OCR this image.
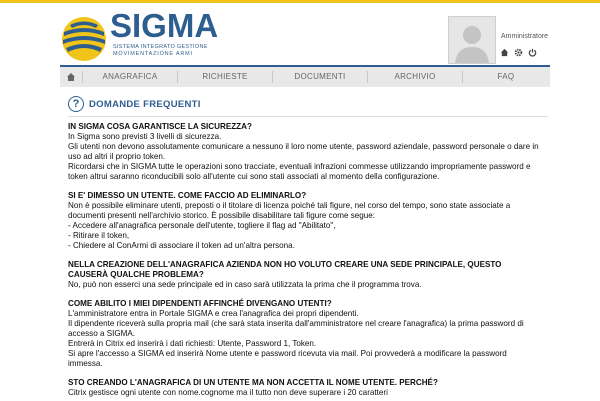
SIGMA
SISTEMA INTEGRATO GESTIONE
MOVIMENTAZIONE ARMI
Amministratore
ANAGRAFICA	RICHIESTE	DOCUMENTI	ARCHIVIO	FAQ
?	DOMANDE FREQUENTI

IN SIGMA COSA GARANTISCE LA SICUREZZA?

In Sigma sono previsti 3 livelli di sicurezza.

Gli utenti non devono assolutamente comunicare a nessuno il loro nome utente, password aziendale, password personale o dare in

uso ad altri il proprio token.

Ricordarsi che in SIGMA tutte le operazioni sono tracciate, eventuali infrazioni commesse utilizzando impropriamente password e

token altrui saranno riconducibili solo all'utente cui sono stati associati al momento della configurazione.

SI E' DIMESSO UN UTENTE. COME FACCIO AD ELIMINARLO?

Non è possibile eliminare utenti, preposti o il titolare di licenza poiché tali figure, nel corso del tempo, sono state associate a

documenti presenti nell'archivio storico. È possibile disabilitare tali figure come segue:

- Accedere all'anagrafica personale dell'utente, togliere il flag ad "Abilitato",

- Ritirare il token,

- Chiedere al ConArmi di associare il token ad un'altra persona.

NELLA CREAZIONE DELL'ANAGRAFICA AZIENDA NON HO VOLUTO CREARE UNA SEDE PRINCIPALE, QUESTO

CAUSERÀ QUALCHE PROBLEMA?

No, può non esserci una sede principale ed in caso sarà utilizzata la prima che il programma trova.

COME ABILITO I MIEI DIPENDENTI AFFINCHÉ DIVENGANO UTENTI?

L'amministratore entra in Portale SIGMA e crea l'anagrafica dei propri dipendenti.

Il dipendente riceverà sulla propria mail (che sarà stata inserita dall'amministratore nel creare l'anagrafica) la prima password di

accesso a SIGMA.

Entrerà in Citrix ed inserirà i dati richiesti: Utente, Password 1, Token.

Si apre l'accesso a SIGMA ed inserirà Nome utente e password ricevuta via mail. Poi provvederà a modificare la password

immessa.

STO CREANDO L'ANAGRAFICA DI UN UTENTE MA NON ACCETTA IL NOME UTENTE. PERCHÉ?

Citrix gestisce ogni utente con nome.cognome ma il tutto non deve superare i 20 caratteri
